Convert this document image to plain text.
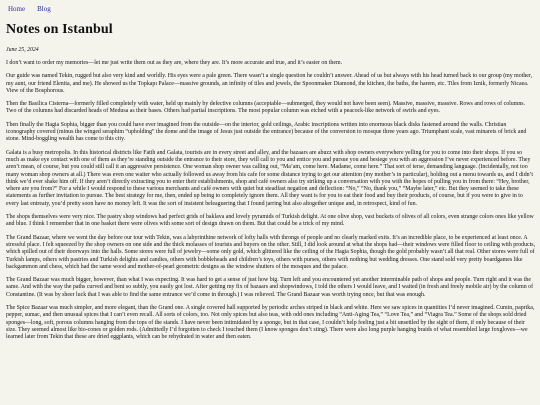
Home Blog
Notes on Istanbul

June 25, 2024

I don’t want to order my memories—let me just write them out as they are, where they are. It’s more accurate and true, and it’s easier on them.

Our guide was named Tekin, rugged but also very kind and worldly. His eyes were a pale green. There wasn’t a single question he couldn’t answer. Ahead of us but always with his head turned back to our group (my mother, my aunt, our friend Elenita, and me). He showed us the Topkapı Palace—massive grounds, an infinity of tiles and jewels, the Spoonmaker Diamond, the kitchen, the baths, the harem, etc. Tiles from Iznik, formerly Nicaea. View of the Bosphorous.

Then the Basilica Cisterna—formerly filled completely with water, held up mainly by defective columns (acceptable—submerged, they would not have been seen). Massive, massive, massive. Rows and rows of columns. Two of the columns had discarded heads of Medusa as their bases. Others had partial inscriptions. The most popular column was etched with a peacock-like network of swirls and eyes.

Then finally the Hagia Sophia, bigger than you could have ever imagined from the outside—on the interior, gold ceilings, Arabic inscriptions written into enormous black disks fastened around the walls. Christian iconography covered (minus the winged seraphim “upholding” the dome and the image of Jesus just outside the entrance) because of the conversion to mosque three years ago. Triumphant scale, vast minarets of brick and stone. Mind-boggling wealth has come to this city.

Galata is a busy metropolis. In this historical districts like Fatih and Galata, tourists are in every street and alley, and the bazaars are abuzz with shop owners everywhere yelling for you to come into their shops. If you so much as make eye contact with one of them as they’re standing outside the entrance to their store, they will call to you and entice you and pursue you and besiege you with an aggression I’ve never experienced before. They aren’t mean, of course, but you could still call it an aggressive persistence. One woman shop owner was calling out, “Ma’am, come here. Madame, come here.” That sort of terse, demanding language. (Incidentally, not too many woman shop owners at all.) There was even one waiter who actually followed us away from his cafe for some distance trying to get our attention (my mother’s in particular), holding out a menu towards us, and I didn’t think we’d ever shake him off. If they aren’t directly extracting you to enter their establishments, shop and café owners also try striking up a conversation with you with the hopes of pulling you in from there: “Hey, brother, where are you from?” For a while I would respond to these various merchants and café owners with quiet but steadfast negation and deflection: “No,” “No, thank you,” “Maybe later,” etc. But they seemed to take these statements as further invitation to pursue. The best strategy for me, then, ended up being to completely ignore them. All they want is for you to eat their food and buy their products, of course, but if you were to give in to every last entreaty, you’d pretty soon have no money left. It was the sort of insistent beleaguering that I found jarring but also altogether unique and, in retrospect, kind of fun.

The shops themselves were very nice. The pastry shop windows had perfect grids of baklava and lovely pyramids of Turkish delight. At one olive shop, vast buckets of olives of all colors, even strange colors ones like yellow and blue. I think I remember that in one basket there were olives with some sort of design drawn on them. But that could be a trick of my mind.

The Grand Bazaar, where we went the day before our tour with Tekin, was a labyrinthine network of lofty halls with throngs of people and no clearly marked exits. It’s an incredible place, to be experienced at least once. A stressful place. I felt squeezed by the shop owners on one side and the thick molasses of tourists and buyers on the other. Still, I did look around at what the shops had—their windows were filled floor to ceiling with products, which spilled out of their doorways into the halls. Some stores were full of jewelry—some only gold, which glittered like the ceiling of the Hagia Sophia, though the gold probably wasn’t all that real. Other stores were full of Turkish lamps, others with pastries and Turkish delights and candies, others with bobbleheads and children’s toys, others with purses, others with nothing but wedding dresses. One stand sold very pretty boardgames like backgammon and chess, which had the same wood and mother-of-pearl geometric designs as the window shutters of the mosques and the palace.

The Grand Bazaar was much bigger, however, than what I was expecting. It was hard to get a sense of just how big. Turn left and you encountered yet another interminable path of shops and people. Turn right and it was the same. And with the way the paths curved and bent so subtly, you easily got lost. After getting my fix of bazaars and shopwindows, I told the others I would leave, and I waited (in fresh and freely mobile air) by the column of Constantine. (It was by sheer luck that I was able to find the same entrance we’d come in through.) I was relieved. The Grand Bazaar was worth trying once, but that was enough.

The Spice Bazaar was much simpler, and more elegant, than the Grand one. A single covered hall supported by periodic arches striped in black and white. Here we saw spices in quantities I’d never imagined. Cumin, paprika, pepper, sumac, and then unusual spices that I can’t even recall. All sorts of colors, too. Not only spices but also teas, with odd ones including “Anti-Aging Tea,” “Love Tea,” and “Viagra Tea.” Some of the shops sold dried sponges—long, soft, porous columns hanging from the tops of the stands. I have never been intimidated by a sponge, but in that case, I couldn’t help feeling just a bit unsettled by the sight of them, if only because of their size. They seemed almost like bio-cones or golden rods. (Admittedly I’d forgotten to check I touched them (I know sponges don’t sting). There were also long purple hanging braids of what resembled large foxgloves—we learned later from Tekin that these are dried eggplants, which can be rehydrated in water and then eaten.
